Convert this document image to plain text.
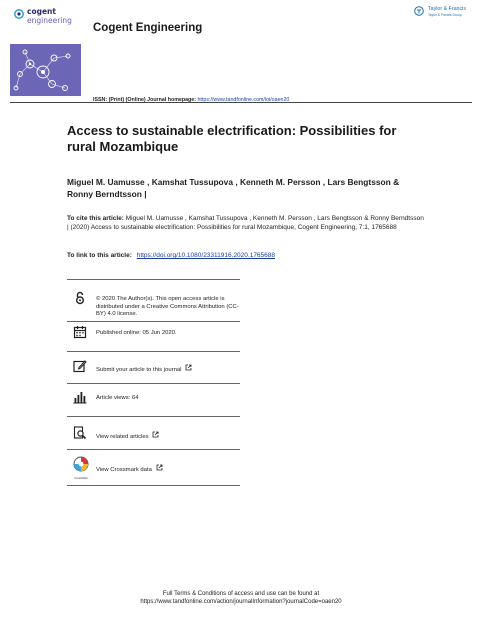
cogent
engineering
Cogent Engineering
Taylor & Francis
Taylor & Francis Group
ISSN: (Print) (Online) Journal homepage: https://www.tandfonline.com/loi/oaen20
Access to sustainable electrification: Possibilities for rural Mozambique
Miguel M. Uamusse , Kamshat Tussupova , Kenneth M. Persson , Lars Bengtsson & Ronny Berndtsson |
To cite this article: Miguel M. Uamusse , Kamshat Tussupova , Kenneth M. Persson , Lars Bengtsson & Ronny Berndtsson | (2020) Access to sustainable electrification: Possibilities for rural Mozambique, Cogent Engineering, 7:1, 1765688
To link to this article: https://doi.org/10.1080/23311916.2020.1765688
© 2020 The Author(s). This open access article is distributed under a Creative Commons Attribution (CC-BY) 4.0 license.
Published online: 05 Jun 2020.
Submit your article to this journal
Article views: 64
View related articles
CrossMark
View Crossmark data
Full Terms & Conditions of access and use can be found at
https://www.tandfonline.com/action/journalInformation?journalCode=oaen20
